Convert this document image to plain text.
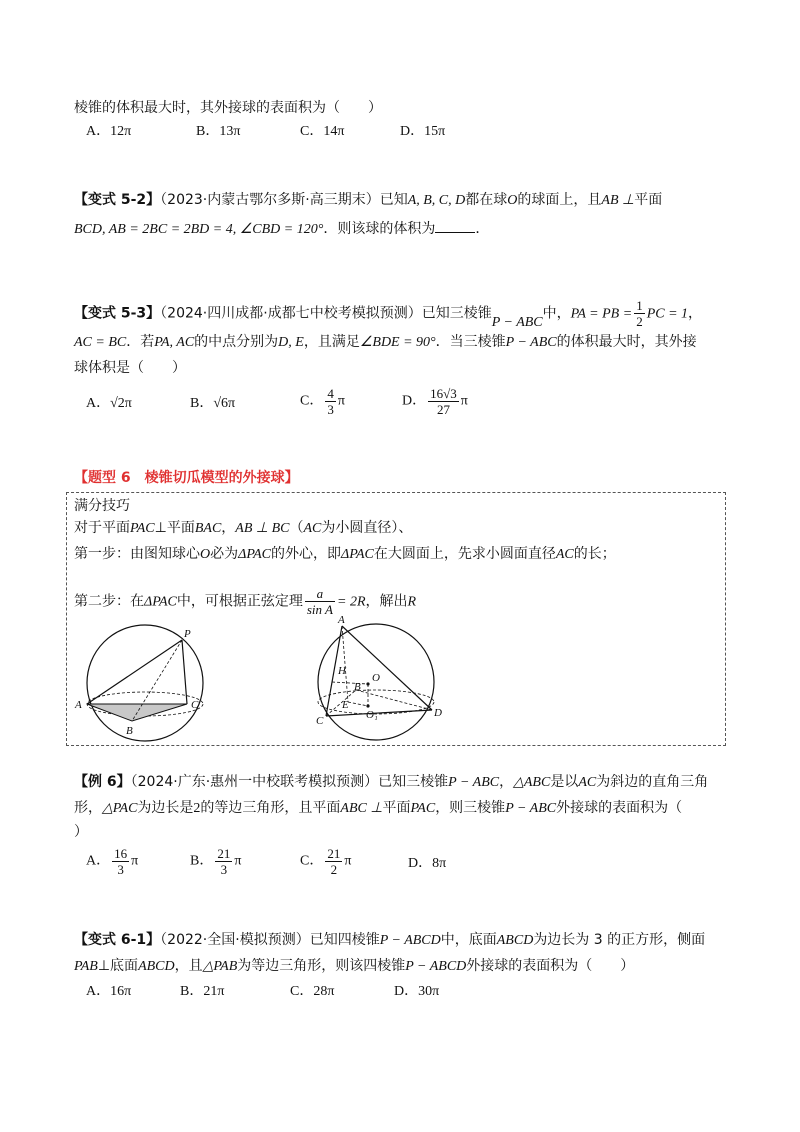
棱锥的体积最大时，其外接球的表面积为（　　）
A．12π	B．13π	C．14π	D．15π
【变式 5-2】（2023·内蒙古鄂尔多斯·高三期末）已知A, B, C, D都在球O的球面上，且AB ⊥平面
BCD, AB = 2BC = 2BD = 4, ∠CBD = 120°．则该球的体积为	．
【变式 5-3】（2024·四川成都·成都七中校考模拟预测）已知三棱锥P − ABC中，PA = PB = $\frac{1}{2}$ PC = 1，
AC = BC．若PA, AC的中点分别为D, E，且满足∠BDE = 90°．当三棱锥P − ABC的体积最大时，其外接
球体积是（　　）
A．√2π	B．√6π	C． $\frac{4}{3}$ π	D． $\frac{16√3}{27}$ π
【题型 6　棱锥切瓜模型的外接球】
满分技巧
对于平面PAC⊥平面BAC，AB ⊥ BC（AC为小圆直径）、
第一步：由图知球心O必为ΔPAC的外心，即ΔPAC在大圆面上，先求小圆面直径AC的长；
第二步：在ΔPAC中，可根据正弦定理 $\frac{a}{\text{sin A}} = 2R$，解出R
P
A
B
C
A
O
H
B
E
O₁
C
D
【例 6】（2024·广东·惠州一中校联考模拟预测）已知三棱锥P − ABC，△ABC是以AC为斜边的直角三角
形，△PAC为边长是2的等边三角形，且平面ABC ⊥平面PAC，则三棱锥P − ABC外接球的表面积为（
）
A． $\frac{16}{3}$ π	B． $\frac{21}{3}$ π	C． $\frac{21}{2}$ π	D．8π
【变式 6-1】（2022·全国·模拟预测）已知四棱锥P − ABCD中，底面ABCD为边长为 3 的正方形，侧面
PAB⊥底面ABCD，且△PAB为等边三角形，则该四棱锥P − ABCD外接球的表面积为（　　）
A．16π	B．21π	C．28π	D．30π
